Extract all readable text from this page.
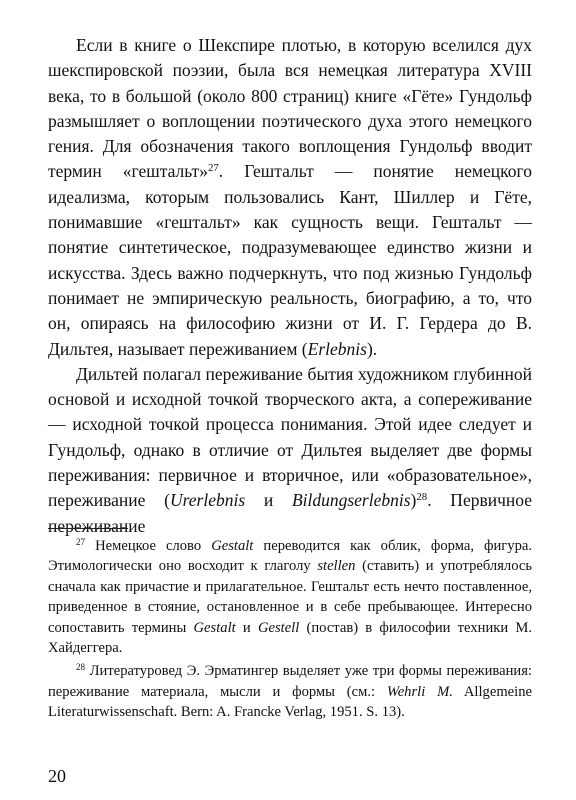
Если в книге о Шекспире плотью, в которую вселился дух шекспировской поэзии, была вся немецкая литература XVIII века, то в большой (около 800 страниц) книге «Гёте» Гундольф размышляет о воплощении поэтического духа этого немецкого гения. Для обозначения такого воплощения Гундольф вводит термин «гештальт»$^{27}$. Гештальт — понятие немецкого идеализма, которым пользовались Кант, Шиллер и Гёте, понимавшие «гештальт» как сущность вещи. Гештальт — понятие синтетическое, подразумевающее единство жизни и искусства. Здесь важно подчеркнуть, что под жизнью Гундольф понимает не эмпирическую реальность, биографию, а то, что он, опираясь на философию жизни от И. Г. Гердера до В. Дильтея, называет переживанием (Erlebnis).

Дильтей полагал переживание бытия художником глубинной основой и исходной точкой творческого акта, а сопереживание — исходной точкой процесса понимания. Этой идее следует и Гундольф, однако в отличие от Дильтея выделяет две формы переживания: первичное и вторичное, или «образовательное», переживание (Urerlebnis и Bildungserlebnis)$^{28}$. Первичное переживание

$^{27}$ Немецкое слово Gestalt переводится как облик, форма, фигура. Этимологически оно восходит к глаголу stellen (ставить) и употреблялось сначала как причастие и прилагательное. Гештальт есть нечто поставленное, приведенное в стояние, остановленное и в себе пребывающее. Интересно сопоставить термины Gestalt и Gestell (постав) в философии техники М. Хайдеггера.

$^{28}$ Литературовед Э. Эрматингер выделяет уже три формы переживания: переживание материала, мысли и формы (см.: Wehrli M. Allgemeine Literaturwissenschaft. Bern: A. Francke Verlag, 1951. S. 13).

20
